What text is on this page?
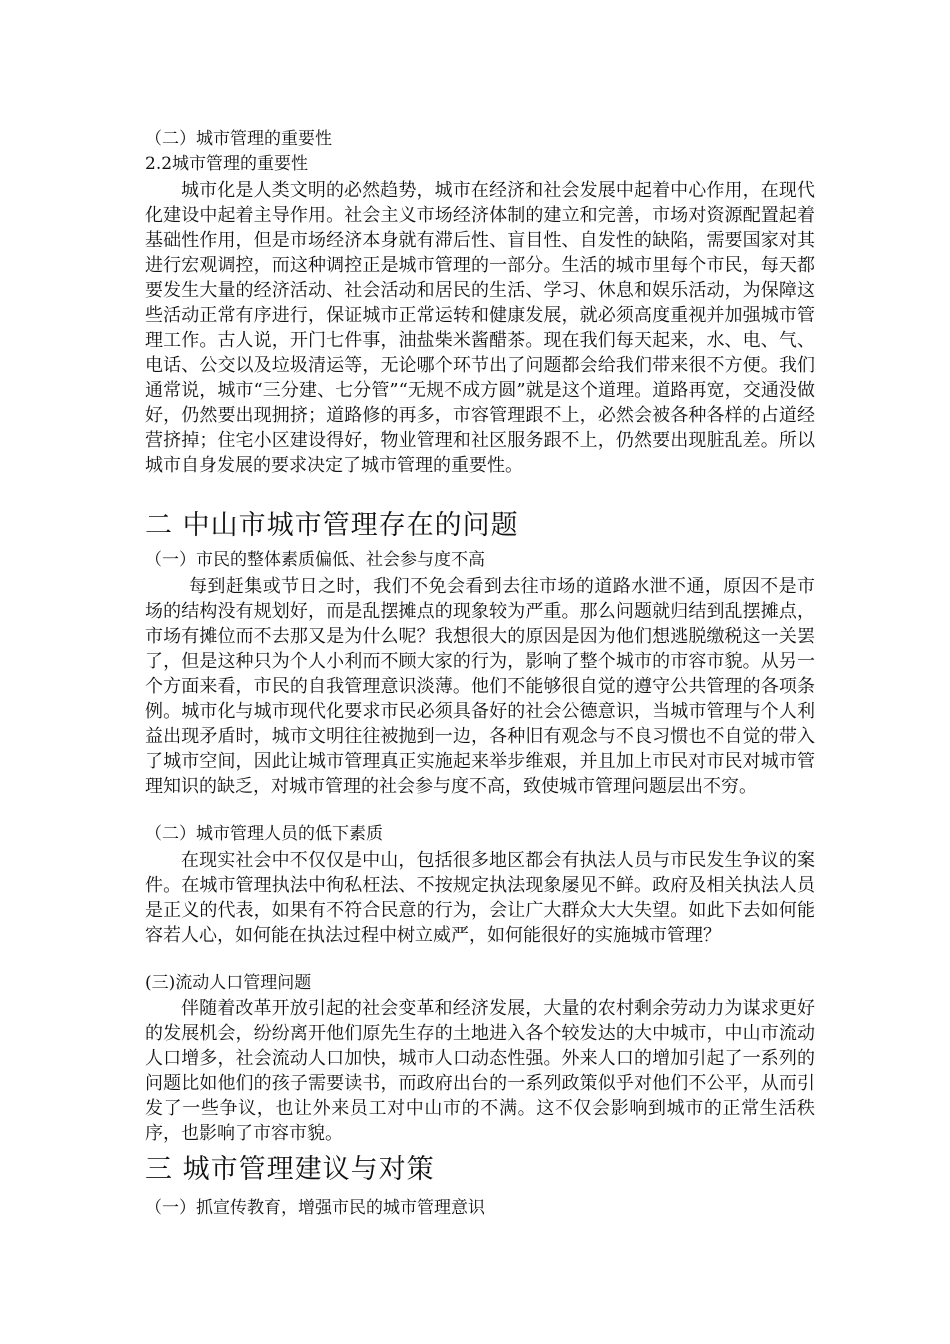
（二）城市管理的重要性
2.2城市管理的重要性
城市化是人类文明的必然趋势，城市在经济和社会发展中起着中心作用，在现代化建设中起着主导作用。社会主义市场经济体制的建立和完善，市场对资源配置起着基础性作用，但是市场经济本身就有滞后性、盲目性、自发性的缺陷，需要国家对其进行宏观调控，而这种调控正是城市管理的一部分。生活的城市里每个市民，每天都要发生大量的经济活动、社会活动和居民的生活、学习、休息和娱乐活动，为保障这些活动正常有序进行，保证城市正常运转和健康发展，就必须高度重视并加强城市管理工作。古人说，开门七件事，油盐柴米酱醋茶。现在我们每天起来，水、电、气、电话、公交以及垃圾清运等，无论哪个环节出了问题都会给我们带来很不方便。我们通常说，城市“三分建、七分管”“无规不成方圆”就是这个道理。道路再宽，交通没做好，仍然要出现拥挤；道路修的再多，市容管理跟不上，必然会被各种各样的占道经营挤掉；住宅小区建设得好，物业管理和社区服务跟不上，仍然要出现脏乱差。所以城市自身发展的要求决定了城市管理的重要性。
二 中山市城市管理存在的问题
（一）市民的整体素质偏低、社会参与度不高
每到赶集或节日之时，我们不免会看到去往市场的道路水泄不通，原因不是市场的结构没有规划好，而是乱摆摊点的现象较为严重。那么问题就归结到乱摆摊点，市场有摊位而不去那又是为什么呢？我想很大的原因是因为他们想逃脱缴税这一关罢了，但是这种只为个人小利而不顾大家的行为，影响了整个城市的市容市貌。从另一个方面来看，市民的自我管理意识淡薄。他们不能够很自觉的遵守公共管理的各项条例。城市化与城市现代化要求市民必须具备好的社会公德意识，当城市管理与个人利益出现矛盾时，城市文明往往被抛到一边，各种旧有观念与不良习惯也不自觉的带入了城市空间，因此让城市管理真正实施起来举步维艰，并且加上市民对市民对城市管理知识的缺乏，对城市管理的社会参与度不高，致使城市管理问题层出不穷。
（二）城市管理人员的低下素质
在现实社会中不仅仅是中山，包括很多地区都会有执法人员与市民发生争议的案件。在城市管理执法中徇私枉法、不按规定执法现象屡见不鲜。政府及相关执法人员是正义的代表，如果有不符合民意的行为，会让广大群众大大失望。如此下去如何能容若人心，如何能在执法过程中树立威严，如何能很好的实施城市管理？
(三)流动人口管理问题
伴随着改革开放引起的社会变革和经济发展，大量的农村剩余劳动力为谋求更好的发展机会，纷纷离开他们原先生存的土地进入各个较发达的大中城市，中山市流动人口增多，社会流动人口加快，城市人口动态性强。外来人口的增加引起了一系列的问题比如他们的孩子需要读书，而政府出台的一系列政策似乎对他们不公平，从而引发了一些争议，也让外来员工对中山市的不满。这不仅会影响到城市的正常生活秩序，也影响了市容市貌。
三 城市管理建议与对策
（一）抓宣传教育，增强市民的城市管理意识
